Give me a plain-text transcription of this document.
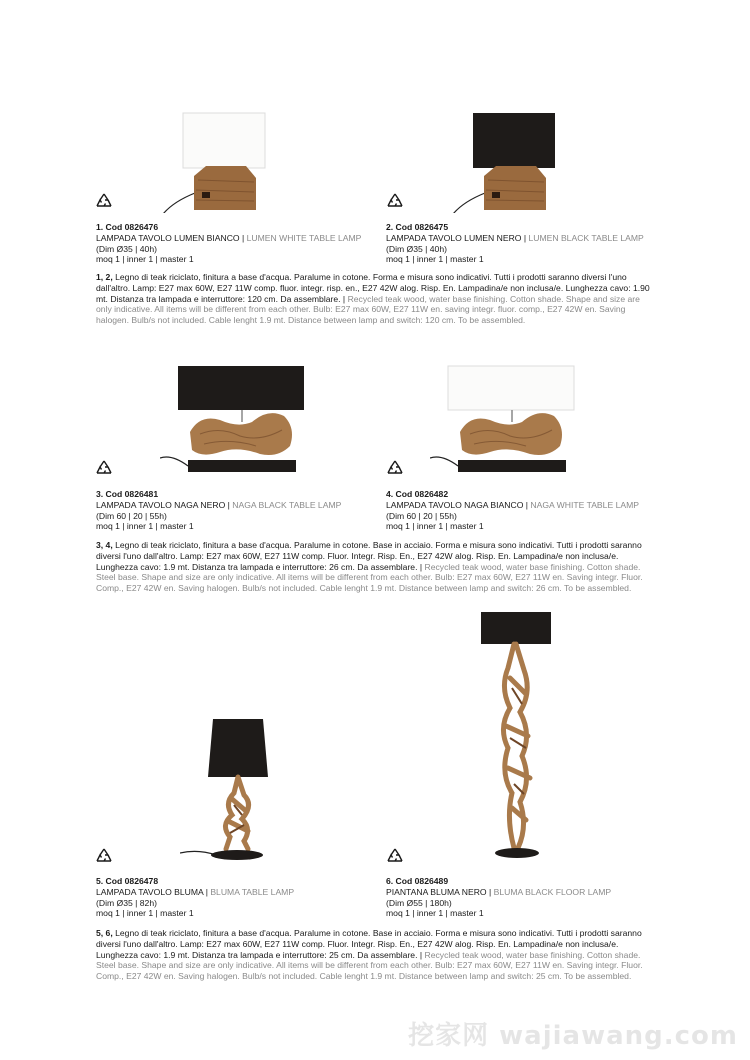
1. Cod 0826476
LAMPADA TAVOLO LUMEN BIANCO | LUMEN WHITE TABLE LAMP
(Dim Ø35 | 40h)
moq 1 | inner 1 | master 1
2. Cod 0826475
LAMPADA TAVOLO LUMEN NERO | LUMEN BLACK TABLE LAMP
(Dim Ø35 | 40h)
moq 1 | inner 1 | master 1
1, 2, Legno di teak riciclato, finitura a base d'acqua. Paralume in cotone. Forma e misura sono indicativi. Tutti i prodotti saranno diversi l'uno dall'altro. Lamp: E27 max 60W, E27 11W comp. fluor. integr. risp. en., E27 42W alog. Risp. En. Lampadina/e non inclusa/e. Lunghezza cavo: 1.90 mt. Distanza tra lampada e interruttore: 120 cm. Da assemblare. | Recycled teak wood, water base finishing. Cotton shade. Shape and size are only indicative. All items will be different from each other. Bulb: E27 max 60W, E27 11W en. saving integr. fluor. comp., E27 42W en. Saving halogen. Bulb/s not included. Cable lenght 1.9 mt. Distance between lamp and switch: 120 cm. To be assembled.
3. Cod 0826481
LAMPADA TAVOLO NAGA NERO | NAGA BLACK TABLE LAMP
(Dim 60 | 20 | 55h)
moq 1 | inner 1 | master 1
4. Cod 0826482
LAMPADA TAVOLO NAGA BIANCO | NAGA WHITE TABLE LAMP
(Dim 60 | 20 | 55h)
moq 1 | inner 1 | master 1
3, 4, Legno di teak riciclato, finitura a base d'acqua. Paralume in cotone. Base in acciaio. Forma e misura sono indicativi. Tutti i prodotti saranno diversi l'uno dall'altro. Lamp: E27 max 60W, E27 11W comp. Fluor. Integr. Risp. En., E27 42W alog. Risp. En. Lampadina/e non inclusa/e. Lunghezza cavo: 1.9 mt. Distanza tra lampada e interruttore: 26 cm. Da assemblare. | Recycled teak wood, water base finishing. Cotton shade. Steel base. Shape and size are only indicative. All items will be different from each other. Bulb: E27 max 60W, E27 11W en. Saving integr. Fluor. Comp., E27 42W en. Saving halogen. Bulb/s not included. Cable lenght 1.9 mt. Distance between lamp and switch: 26 cm. To be assembled.
5. Cod 0826478
LAMPADA TAVOLO BLUMA | BLUMA TABLE LAMP
(Dim Ø35 | 82h)
moq 1 | inner 1 | master 1
6. Cod 0826489
PIANTANA BLUMA NERO | BLUMA BLACK FLOOR LAMP
(Dim Ø55 | 180h)
moq 1 | inner 1 | master 1
5, 6, Legno di teak riciclato, finitura a base d'acqua. Paralume in cotone. Base in acciaio. Forma e misura sono indicativi. Tutti i prodotti saranno diversi l'uno dall'altro. Lamp: E27 max 60W, E27 11W comp. Fluor. Integr. Risp. En., E27 42W alog. Risp. En. Lampadina/e non inclusa/e. Lunghezza cavo: 1.9 mt. Distanza tra lampada e interruttore: 25 cm. Da assemblare. | Recycled teak wood, water base finishing. Cotton shade. Steel base. Shape and size are only indicative. All items will be different from each other. Bulb: E27 max 60W, E27 11W en. Saving integr. Fluor. Comp., E27 42W en. Saving halogen. Bulb/s not included. Cable lenght 1.9 mt. Distance between lamp and switch: 25 cm. To be assembled.
挖家网 wajiawang.com
